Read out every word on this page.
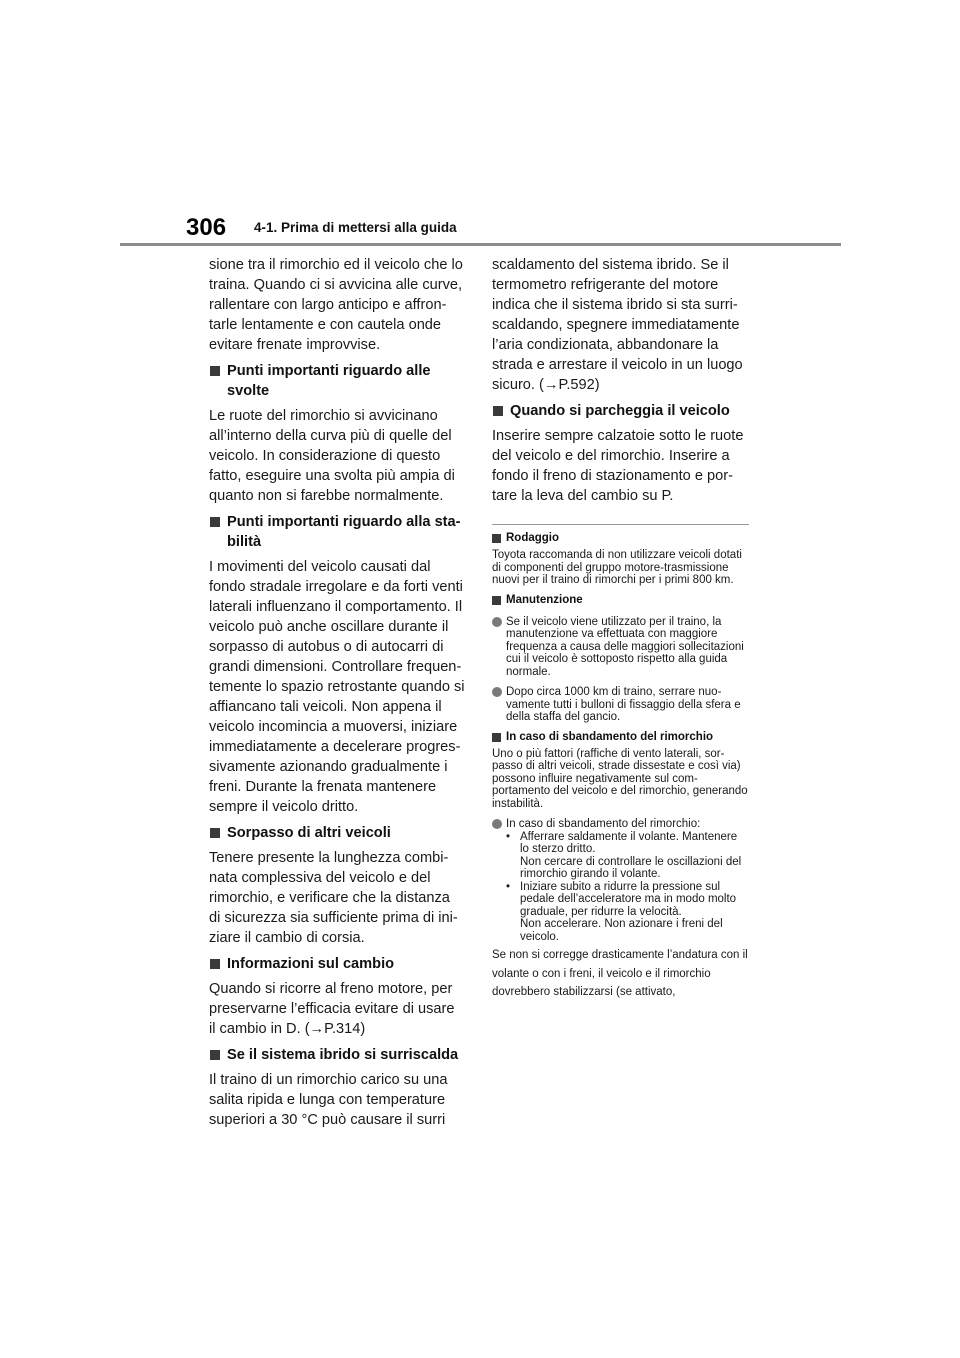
306 4-1. Prima di mettersi alla guida

sione tra il rimorchio ed il veicolo che lo traina. Quando ci si avvicina alle curve, rallentare con largo anticipo e affrontarle lentamente e con cautela onde evitare frenate improvvise.

Punti importanti riguardo alle svolte

Le ruote del rimorchio si avvicinano all’interno della curva più di quelle del veicolo. In considerazione di questo fatto, eseguire una svolta più ampia di quanto non si farebbe normalmente.

Punti importanti riguardo alla stabilità

I movimenti del veicolo causati dal fondo stradale irregolare e da forti venti laterali influenzano il comportamento. Il veicolo può anche oscillare durante il sorpasso di autobus o di autocarri di grandi dimensioni. Controllare frequentemente lo spazio retrostante quando si affiancano tali veicoli. Non appena il veicolo incomincia a muoversi, iniziare immediatamente a decelerare progressivamente azionando gradualmente i freni. Durante la frenata mantenere sempre il veicolo dritto.

Sorpasso di altri veicoli

Tenere presente la lunghezza combinata complessiva del veicolo e del rimorchio, e verificare che la distanza di sicurezza sia sufficiente prima di iniziare il cambio di corsia.

Informazioni sul cambio

Quando si ricorre al freno motore, per preservarne l’efficacia evitare di usare il cambio in D. (→P.314)

Se il sistema ibrido si surriscalda

Il traino di un rimorchio carico su una salita ripida e lunga con temperature superiori a 30 °C può causare il surri

scaldamento del sistema ibrido. Se il termometro refrigerante del motore indica che il sistema ibrido si sta surriscaldando, spegnere immediatamente l’aria condizionata, abbandonare la strada e arrestare il veicolo in un luogo sicuro. (→P.592)

Quando si parcheggia il veicolo

Inserire sempre calzatoie sotto le ruote del veicolo e del rimorchio. Inserire a fondo il freno di stazionamento e portare la leva del cambio su P.

Rodaggio

Toyota raccomanda di non utilizzare veicoli dotati di componenti del gruppo motore-trasmissione nuovi per il traino di rimorchi per i primi 800 km.

Manutenzione
Se il veicolo viene utilizzato per il traino, la manutenzione va effettuata con maggiore frequenza a causa delle maggiori sollecitazioni cui il veicolo è sottoposto rispetto alla guida normale.
Dopo circa 1000 km di traino, serrare nuovamente tutti i bulloni di fissaggio della sfera e della staffa del gancio.
In caso di sbandamento del rimorchio

Uno o più fattori (raffiche di vento laterali, sorpasso di altri veicoli, strade dissestate e così via) possono influire negativamente sul comportamento del veicolo e del rimorchio, generando instabilità.

In caso di sbandamento del rimorchio:
• Afferrare saldamente il volante. Mantenere lo sterzo dritto.
Non cercare di controllare le oscillazioni del rimorchio girando il volante.
• Iniziare subito a ridurre la pressione sul pedale dell’acceleratore ma in modo molto graduale, per ridurre la velocità.
Non accelerare. Non azionare i freni del veicolo.

Se non si corregge drasticamente l’andatura con il volante o con i freni, il veicolo e il rimorchio dovrebbero stabilizzarsi (se attivato,
